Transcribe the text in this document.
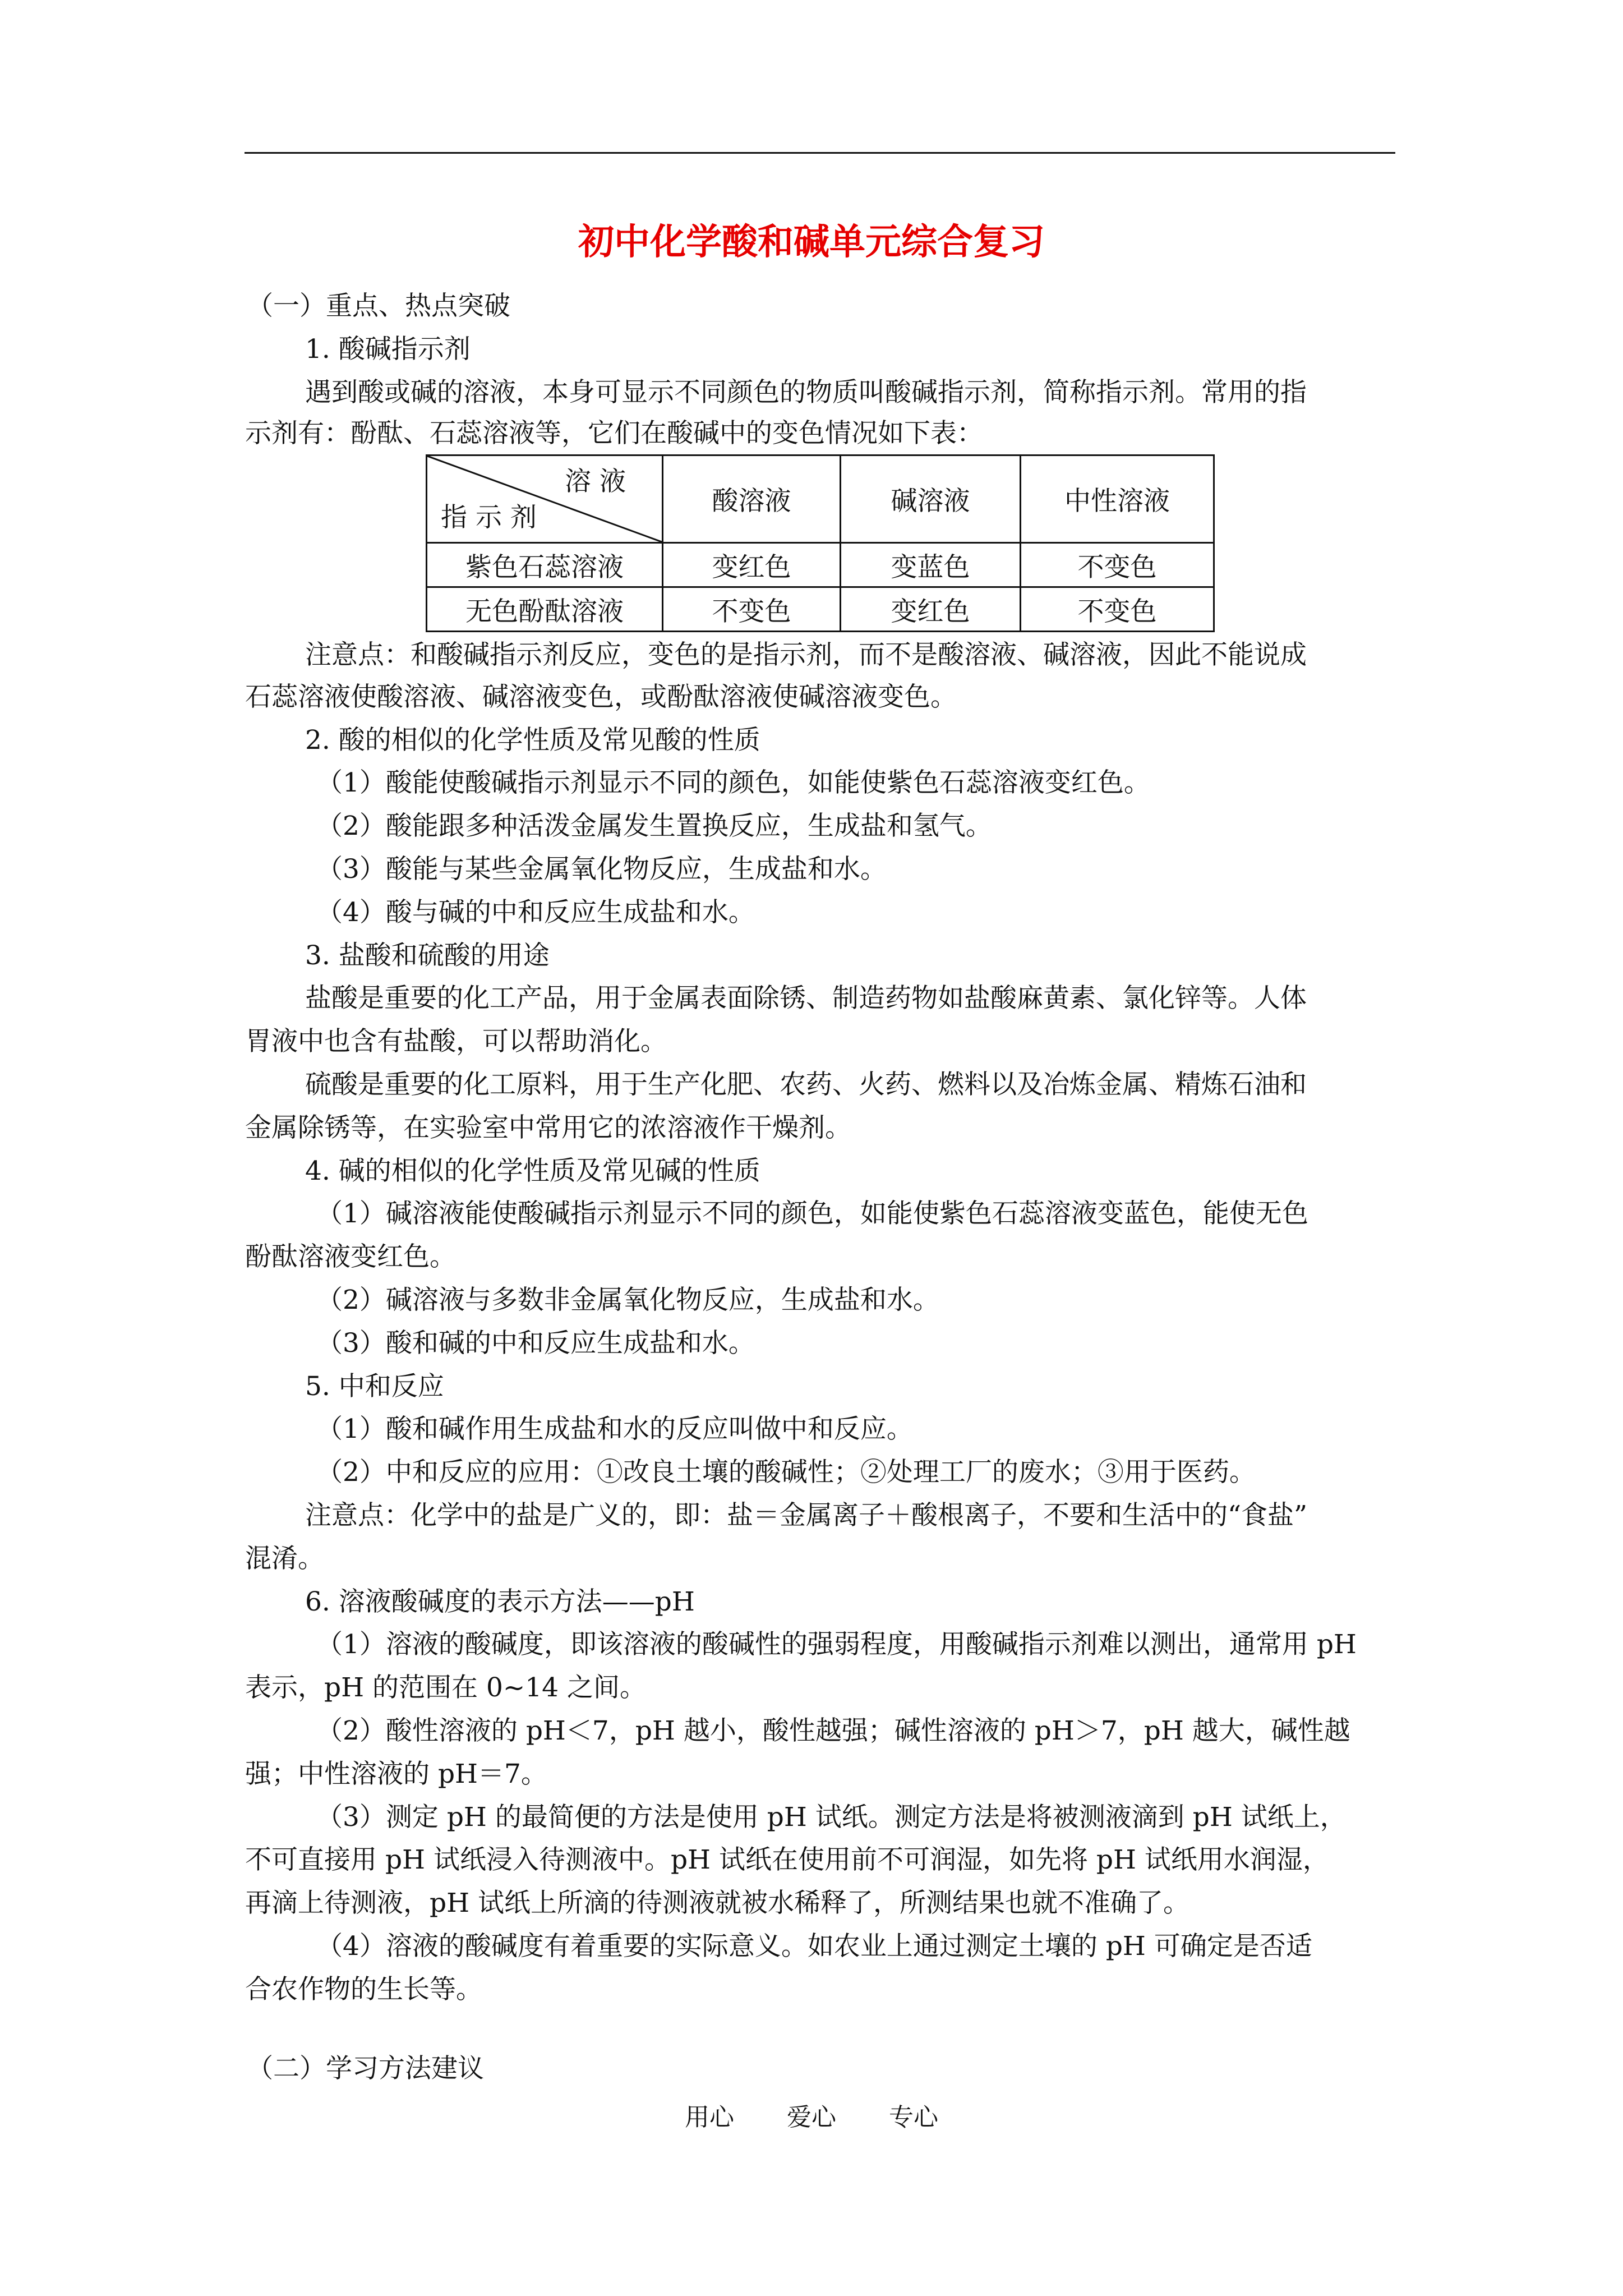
初中化学酸和碱单元综合复习
（一）重点、热点突破
1. 酸碱指示剂
遇到酸或碱的溶液，本身可显示不同颜色的物质叫酸碱指示剂，简称指示剂。常用的指
示剂有：酚酞、石蕊溶液等，它们在酸碱中的变色情况如下表：
溶 液
指 示 剂	酸溶液	碱溶液	中性溶液
紫色石蕊溶液	变红色	变蓝色	不变色
无色酚酞溶液	不变色	变红色	不变色
注意点：和酸碱指示剂反应，变色的是指示剂，而不是酸溶液、碱溶液，因此不能说成
石蕊溶液使酸溶液、碱溶液变色，或酚酞溶液使碱溶液变色。
2. 酸的相似的化学性质及常见酸的性质
（1）酸能使酸碱指示剂显示不同的颜色，如能使紫色石蕊溶液变红色。
（2）酸能跟多种活泼金属发生置换反应，生成盐和氢气。
（3）酸能与某些金属氧化物反应，生成盐和水。
（4）酸与碱的中和反应生成盐和水。
3. 盐酸和硫酸的用途
盐酸是重要的化工产品，用于金属表面除锈、制造药物如盐酸麻黄素、氯化锌等。人体
胃液中也含有盐酸，可以帮助消化。
硫酸是重要的化工原料，用于生产化肥、农药、火药、燃料以及冶炼金属、精炼石油和
金属除锈等，在实验室中常用它的浓溶液作干燥剂。
4. 碱的相似的化学性质及常见碱的性质
（1）碱溶液能使酸碱指示剂显示不同的颜色，如能使紫色石蕊溶液变蓝色，能使无色
酚酞溶液变红色。
（2）碱溶液与多数非金属氧化物反应，生成盐和水。
（3）酸和碱的中和反应生成盐和水。
5. 中和反应
（1）酸和碱作用生成盐和水的反应叫做中和反应。
（2）中和反应的应用：①改良土壤的酸碱性；②处理工厂的废水；③用于医药。
注意点：化学中的盐是广义的，即：盐＝金属离子＋酸根离子，不要和生活中的“食盐”
混淆。
6. 溶液酸碱度的表示方法——pH
（1）溶液的酸碱度，即该溶液的酸碱性的强弱程度，用酸碱指示剂难以测出，通常用 pH
表示，pH 的范围在 0~14 之间。
（2）酸性溶液的 pH＜7，pH 越小，酸性越强；碱性溶液的 pH＞7，pH 越大，碱性越
强；中性溶液的 pH＝7。
（3）测定 pH 的最简便的方法是使用 pH 试纸。测定方法是将被测液滴到 pH 试纸上，
不可直接用 pH 试纸浸入待测液中。pH 试纸在使用前不可润湿，如先将 pH 试纸用水润湿，
再滴上待测液，pH 试纸上所滴的待测液就被水稀释了，所测结果也就不准确了。
（4）溶液的酸碱度有着重要的实际意义。如农业上通过测定土壤的 pH 可确定是否适
合农作物的生长等。
（二）学习方法建议
用心 爱心 专心
